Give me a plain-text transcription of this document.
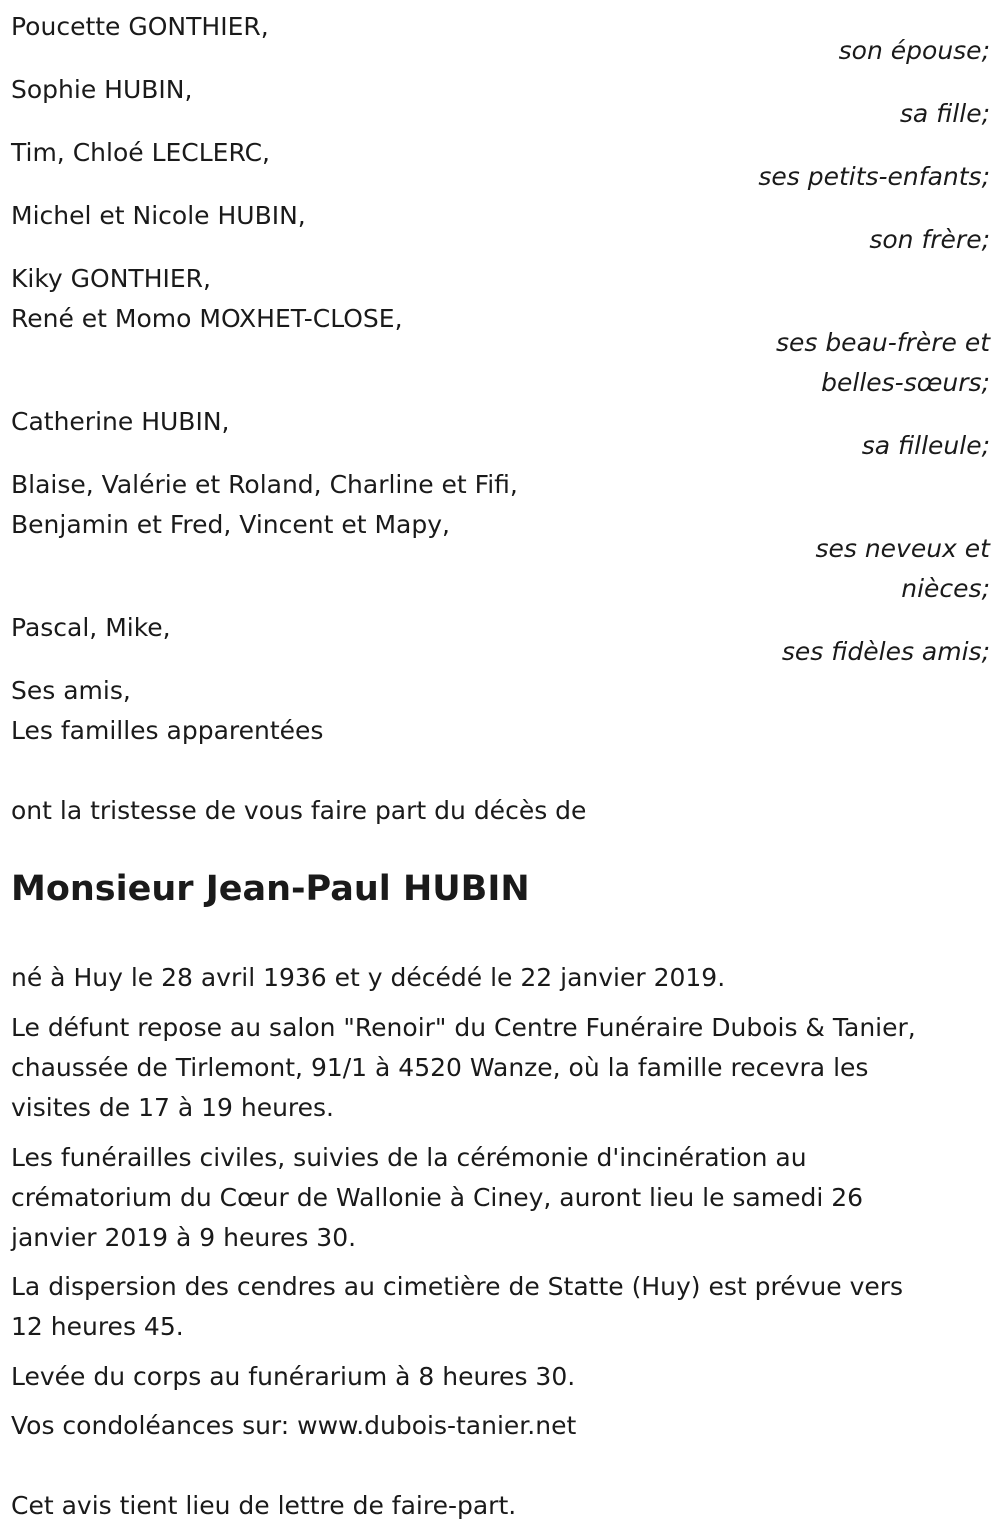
Poucette GONTHIER,
son épouse;
Sophie HUBIN,
sa fille;
Tim, Chloé LECLERC,
ses petits-enfants;
Michel et Nicole HUBIN,
son frère;
Kiky GONTHIER,
René et Momo MOXHET-CLOSE,
ses beau-frère et
belles-sœurs;
Catherine HUBIN,
sa filleule;
Blaise, Valérie et Roland, Charline et Fifi,
Benjamin et Fred, Vincent et Mapy,
ses neveux et
nièces;
Pascal, Mike,
ses fidèles amis;
Ses amis,
Les familles apparentées
ont la tristesse de vous faire part du décès de
Monsieur Jean-Paul HUBIN
né à Huy le 28 avril 1936 et y décédé le 22 janvier 2019.
Le défunt repose au salon "Renoir" du Centre Funéraire Dubois & Tanier,
chaussée de Tirlemont, 91/1 à 4520 Wanze, où la famille recevra les
visites de 17 à 19 heures.
Les funérailles civiles, suivies de la cérémonie d'incinération au
crématorium du Cœur de Wallonie à Ciney, auront lieu le samedi 26
janvier 2019 à 9 heures 30.
La dispersion des cendres au cimetière de Statte (Huy) est prévue vers
12 heures 45.
Levée du corps au funérarium à 8 heures 30.
Vos condoléances sur: www.dubois-tanier.net
Cet avis tient lieu de lettre de faire-part.
